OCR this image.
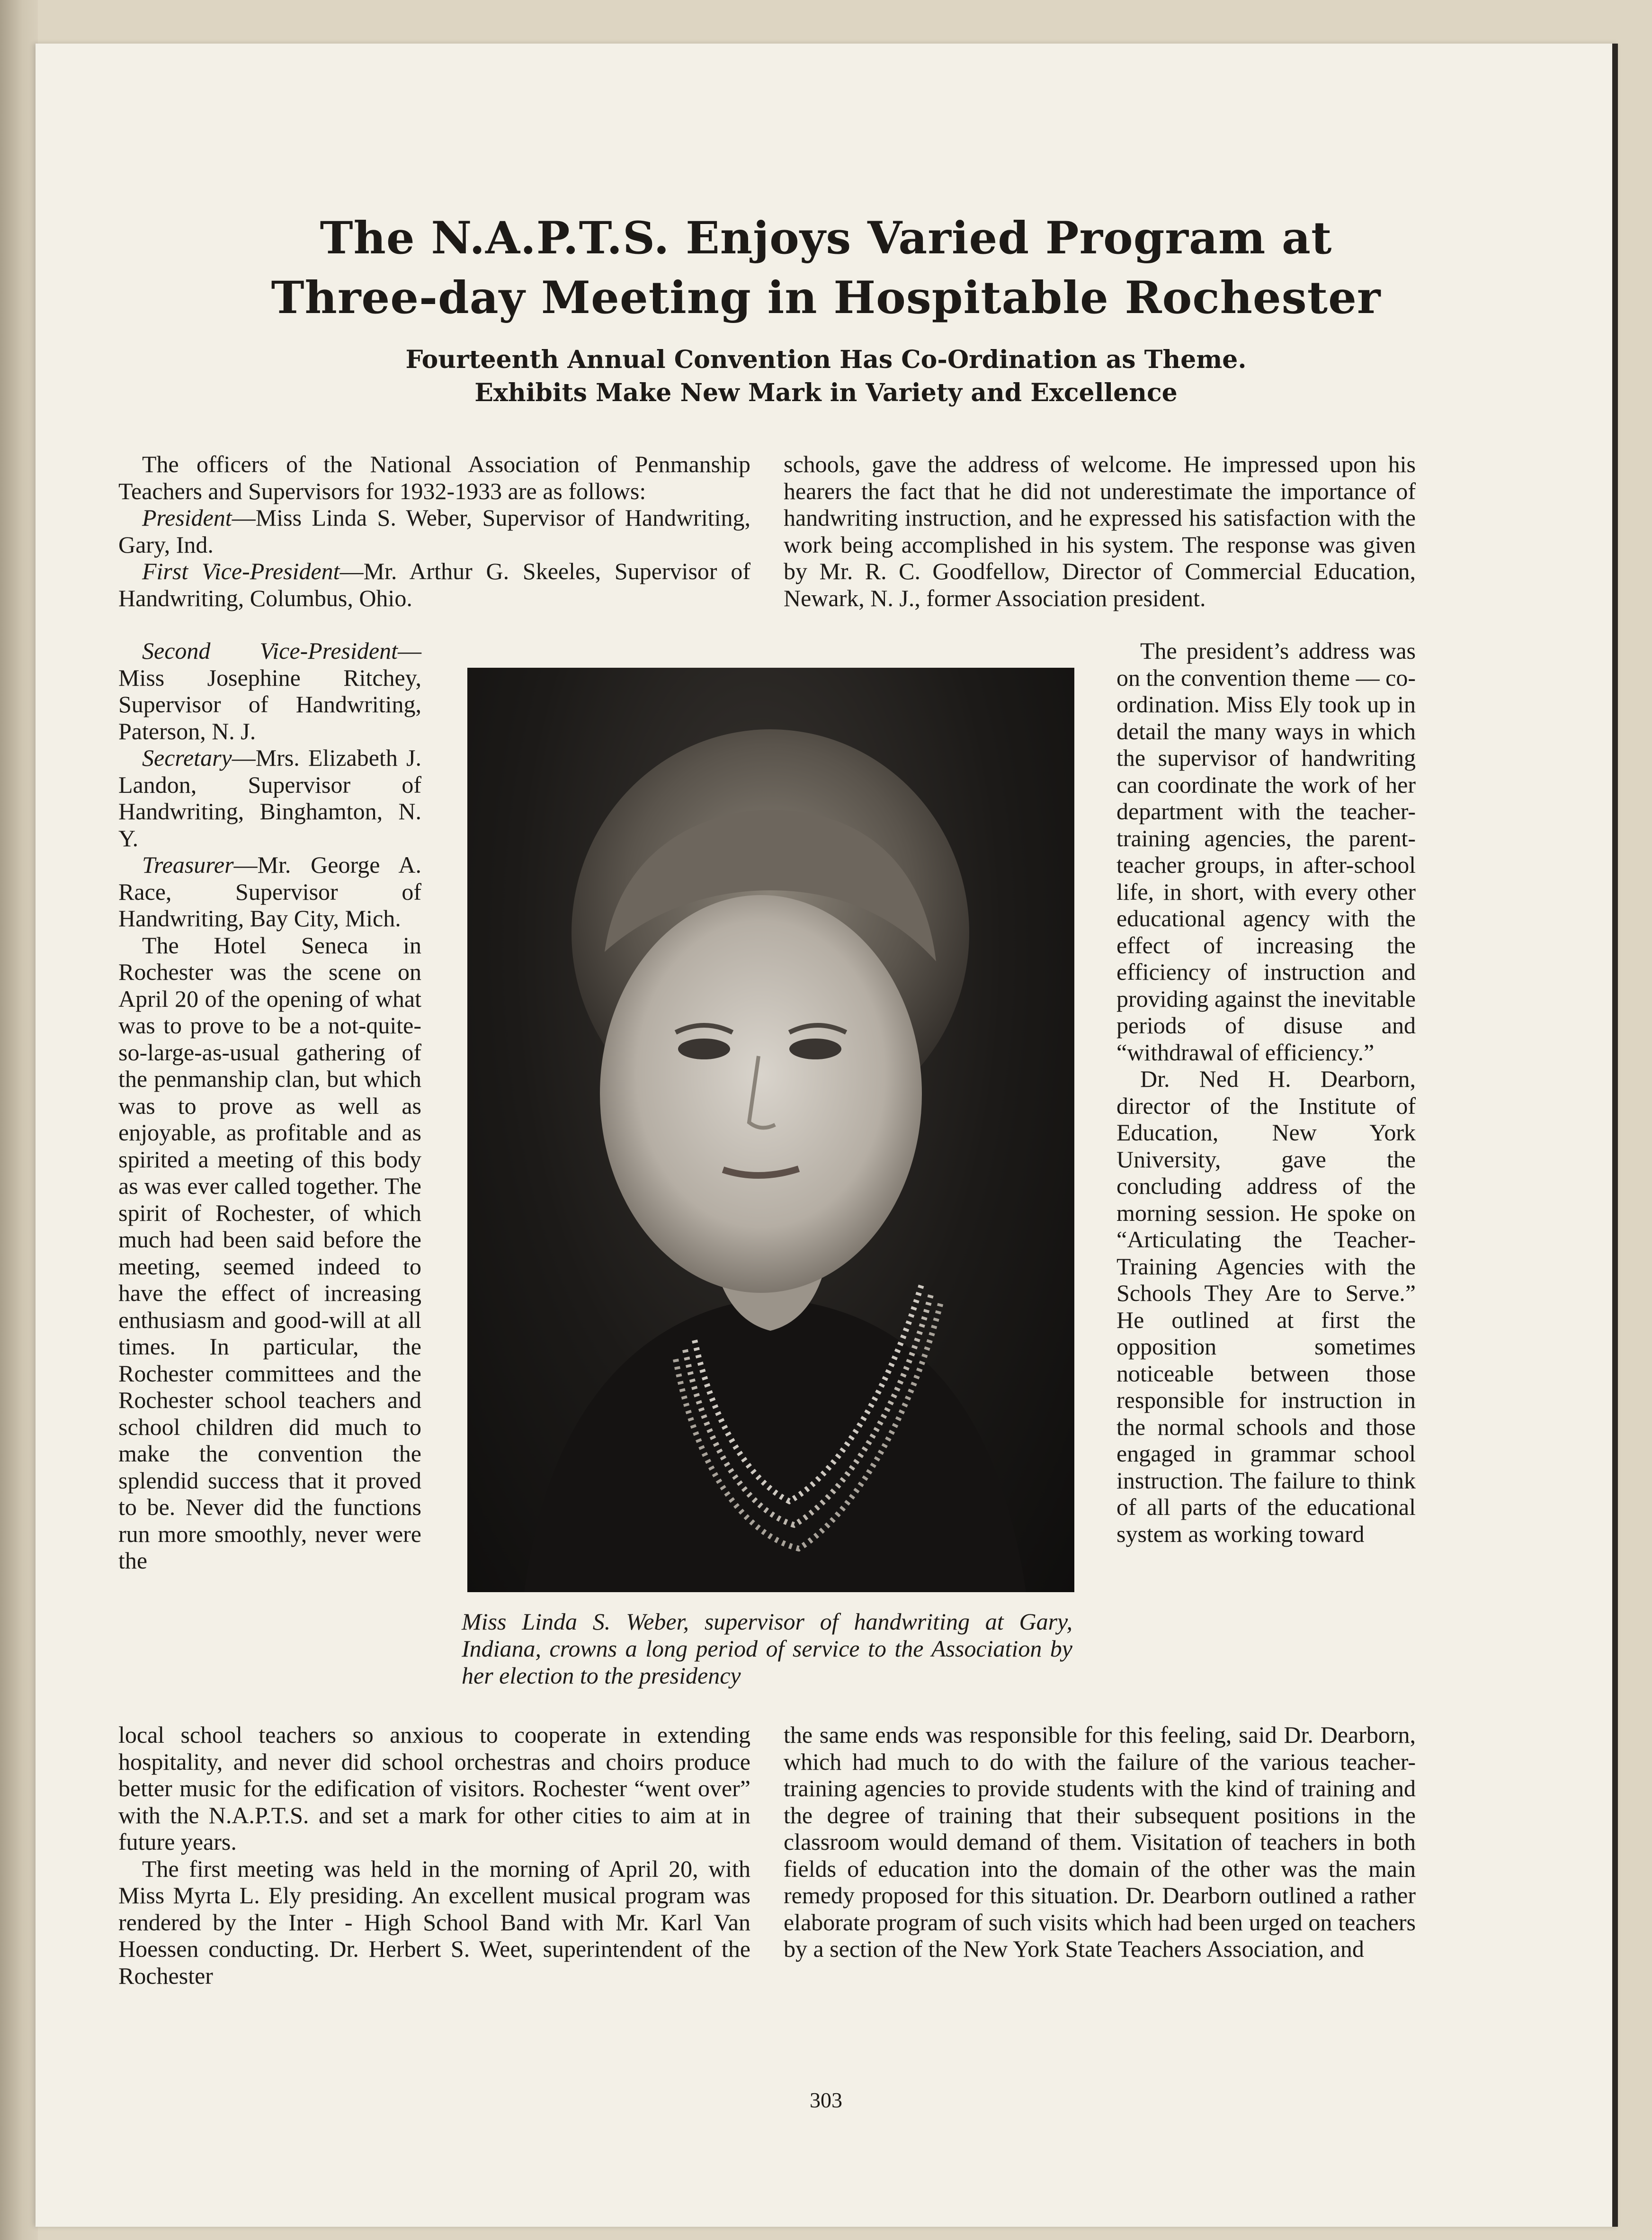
The N.A.P.T.S. Enjoys Varied Program at
Three-day Meeting in Hospitable Rochester
Fourteenth Annual Convention Has Co-Ordination as Theme.
Exhibits Make New Mark in Variety and Excellence

The officers of the National Association of Penmanship Teachers and Supervisors for 1932-1933 are as follows:

President—Miss Linda S. Weber, Supervisor of Handwriting, Gary, Ind.

First Vice-President—Mr. Arthur G. Skeeles, Supervisor of Handwriting, Columbus, Ohio.

Second Vice-President—Miss Josephine Ritchey, Supervisor of Handwriting, Paterson, N. J.

Secretary—Mrs. Elizabeth J. Landon, Supervisor of Handwriting, Binghamton, N. Y.

Treasurer—Mr. George A. Race, Supervisor of Handwriting, Bay City, Mich.

The Hotel Seneca in Rochester was the scene on April 20 of the opening of what was to prove to be a not-quite-so-large-as-usual gathering of the penmanship clan, but which was to prove as well as enjoyable, as profitable and as spirited a meeting of this body as was ever called together. The spirit of Rochester, of which much had been said before the meeting, seemed indeed to have the effect of increasing enthusiasm and good-will at all times. In particular, the Rochester committees and the Rochester school teachers and school children did much to make the convention the splendid success that it proved to be. Never did the functions run more smoothly, never were the

Miss Linda S. Weber, supervisor of handwriting at Gary, Indiana, crowns a long period of service to the Association by her election to the presidency

local school teachers so anxious to cooperate in extending hospitality, and never did school orchestras and choirs produce better music for the edification of visitors. Rochester “went over” with the N.A.P.T.S. and set a mark for other cities to aim at in future years.

The first meeting was held in the morning of April 20, with Miss Myrta L. Ely presiding. An excellent musical program was rendered by the Inter - High School Band with Mr. Karl Van Hoessen conducting. Dr. Herbert S. Weet, superintendent of the Rochester

schools, gave the address of welcome. He impressed upon his hearers the fact that he did not underestimate the importance of handwriting instruction, and he expressed his satisfaction with the work being accomplished in his system. The response was given by Mr. R. C. Goodfellow, Director of Commercial Education, Newark, N. J., former Association president.

The president’s address was on the convention theme — co-ordination. Miss Ely took up in detail the many ways in which the supervisor of handwriting can coordinate the work of her department with the teacher-training agencies, the parent-teacher groups, in after-school life, in short, with every other educational agency with the effect of increasing the efficiency of instruction and providing against the inevitable periods of disuse and “withdrawal of efficiency.”

Dr. Ned H. Dearborn, director of the Institute of Education, New York University, gave the concluding address of the morning session. He spoke on “Articulating the Teacher-Training Agencies with the Schools They Are to Serve.” He outlined at first the opposition sometimes noticeable between those responsible for instruction in the normal schools and those engaged in grammar school instruction. The failure to think of all parts of the educational system as working toward

the same ends was responsible for this feeling, said Dr. Dearborn, which had much to do with the failure of the various teacher-training agencies to provide students with the kind of training and the degree of training that their subsequent positions in the classroom would demand of them. Visitation of teachers in both fields of education into the domain of the other was the main remedy proposed for this situation. Dr. Dearborn outlined a rather elaborate program of such visits which had been urged on teachers by a section of the New York State Teachers Association, and

303
